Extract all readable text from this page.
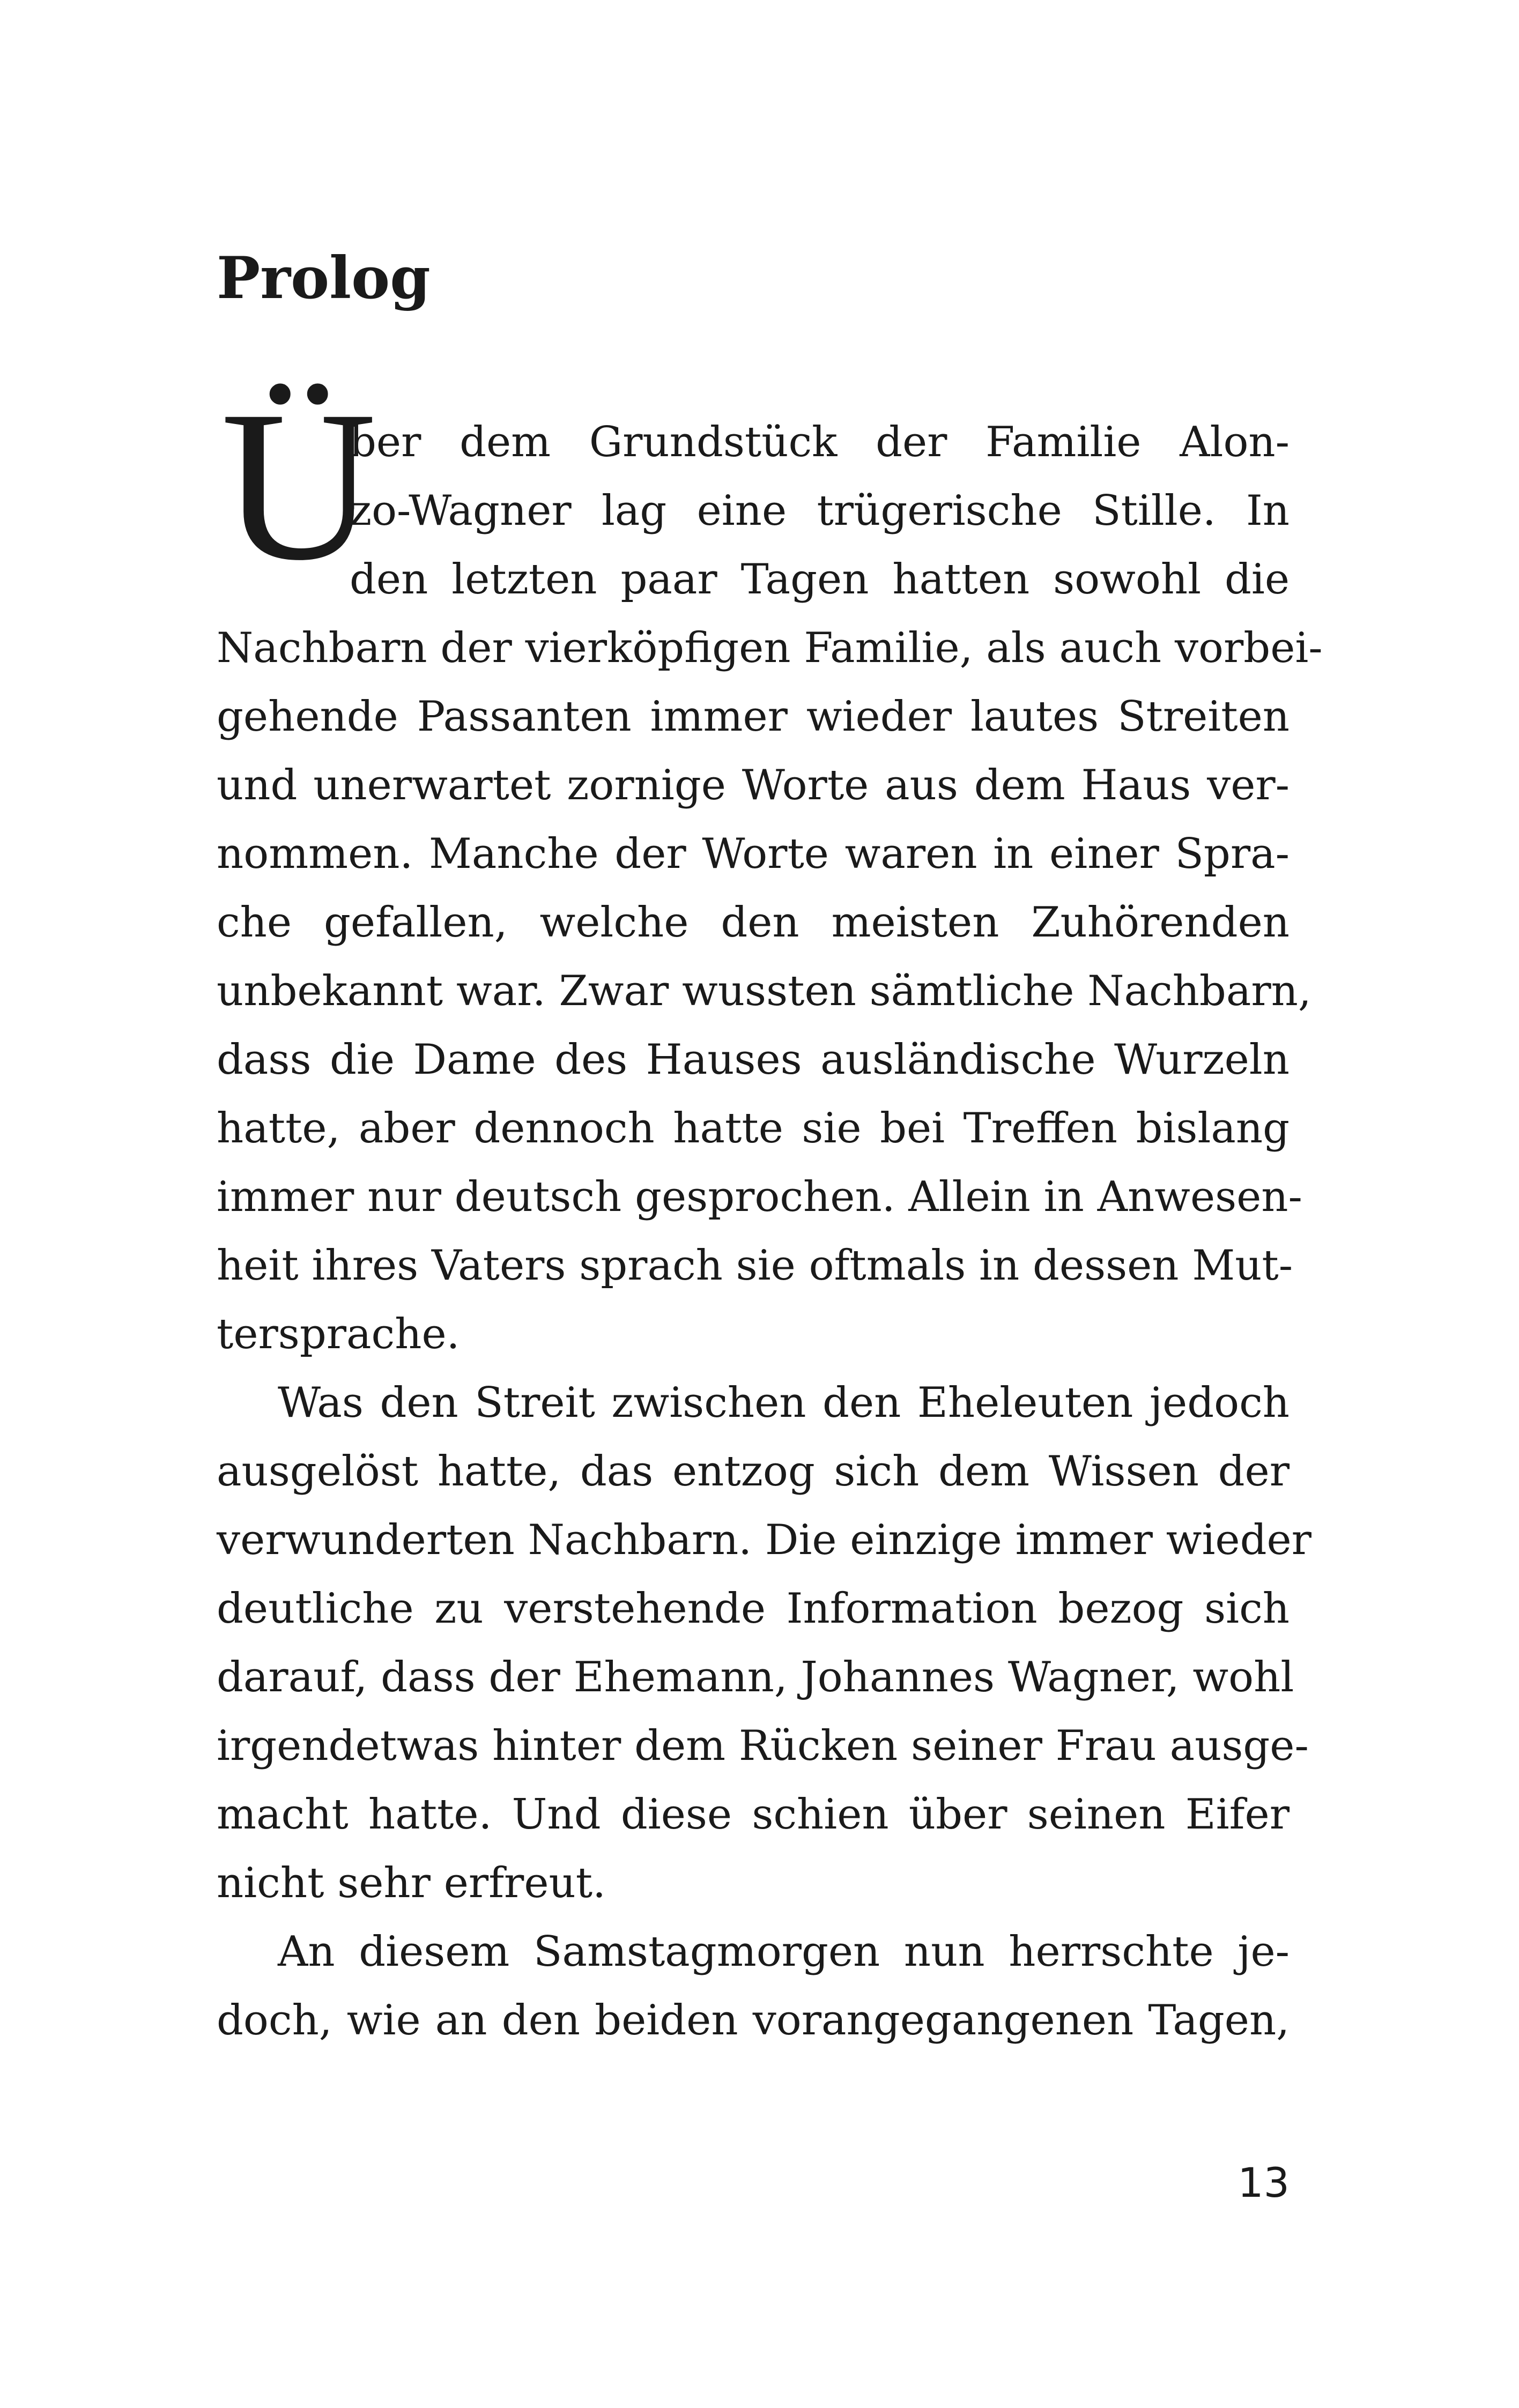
Prolog
Ü
ber dem Grundstück der Familie Alon-
zo-Wagner lag eine trügerische Stille. In
den letzten paar Tagen hatten sowohl die
Nachbarn der vierköpfigen Familie, als auch vorbei-
gehende Passanten immer wieder lautes Streiten
und unerwartet zornige Worte aus dem Haus ver-
nommen. Manche der Worte waren in einer Spra-
che gefallen, welche den meisten Zuhörenden
unbekannt war. Zwar wussten sämtliche Nachbarn,
dass die Dame des Hauses ausländische Wurzeln
hatte, aber dennoch hatte sie bei Treffen bislang
immer nur deutsch gesprochen. Allein in Anwesen-
heit ihres Vaters sprach sie oftmals in dessen Mut-
tersprache.
Was den Streit zwischen den Eheleuten jedoch
ausgelöst hatte, das entzog sich dem Wissen der
verwunderten Nachbarn. Die einzige immer wieder
deutliche zu verstehende Information bezog sich
darauf, dass der Ehemann, Johannes Wagner, wohl
irgendetwas hinter dem Rücken seiner Frau ausge-
macht hatte. Und diese schien über seinen Eifer
nicht sehr erfreut.
An diesem Samstagmorgen nun herrschte je-
doch, wie an den beiden vorangegangenen Tagen,
13
